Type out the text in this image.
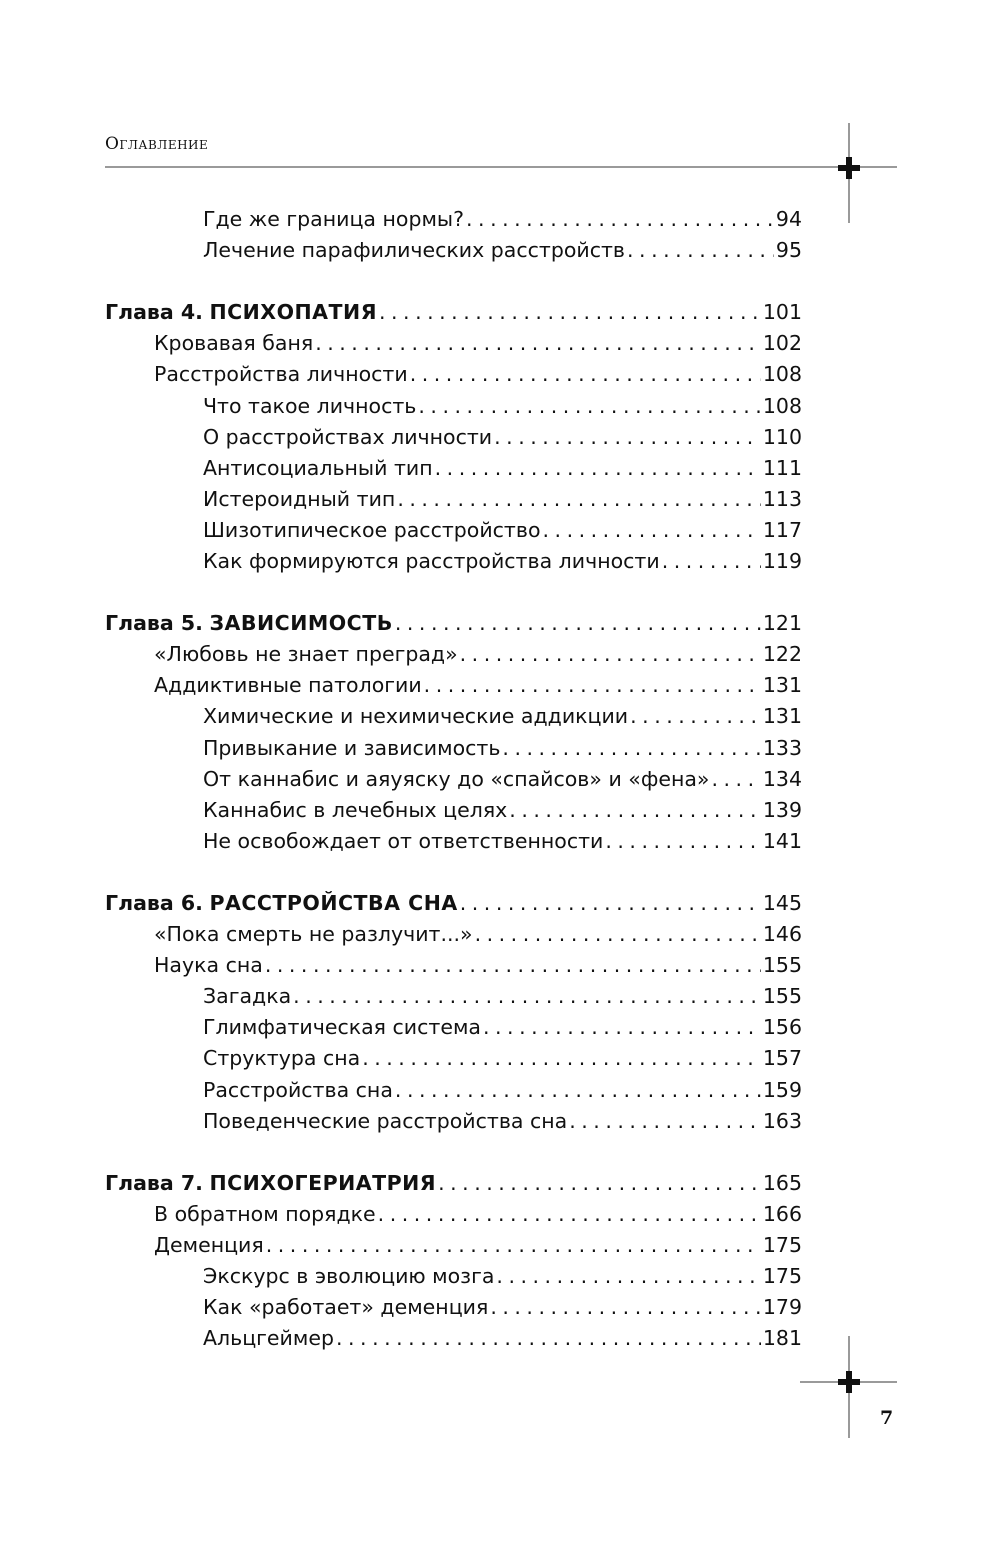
Оглавление
Где же граница нормы? . . .	94
Лечение парафилических расстройств . . .	95
Глава 4. ПСИХОПАТИЯ . . .	101
Кровавая баня . . .	102
Расстройства личности . . .	108
Что такое личность . . .	108
О расстройствах личности . . .	110
Антисоциальный тип . . .	111
Истероидный тип . . .	113
Шизотипическое расстройство . . .	117
Как формируются расстройства личности . . .	119
Глава 5. ЗАВИСИМОСТЬ . . .	121
«Любовь не знает преград» . . .	122
Аддиктивные патологии . . .	131
Химические и нехимические аддикции . . .	131
Привыкание и зависимость . . .	133
От каннабис и аяуяску до «спайсов» и «фена» . . .	134
Каннабис в лечебных целях . . .	139
Не освобождает от ответственности . . .	141
Глава 6. РАССТРОЙСТВА СНА . . .	145
«Пока смерть не разлучит...» . . .	146
Наука сна . . .	155
Загадка . . .	155
Глимфатическая система . . .	156
Структура сна . . .	157
Расстройства сна . . .	159
Поведенческие расстройства сна . . .	163
Глава 7. ПСИХОГЕРИАТРИЯ . . .	165
В обратном порядке . . .	166
Деменция . . .	175
Экскурс в эволюцию мозга . . .	175
Как «работает» деменция . . .	179
Альцгеймер . . .	181
7
